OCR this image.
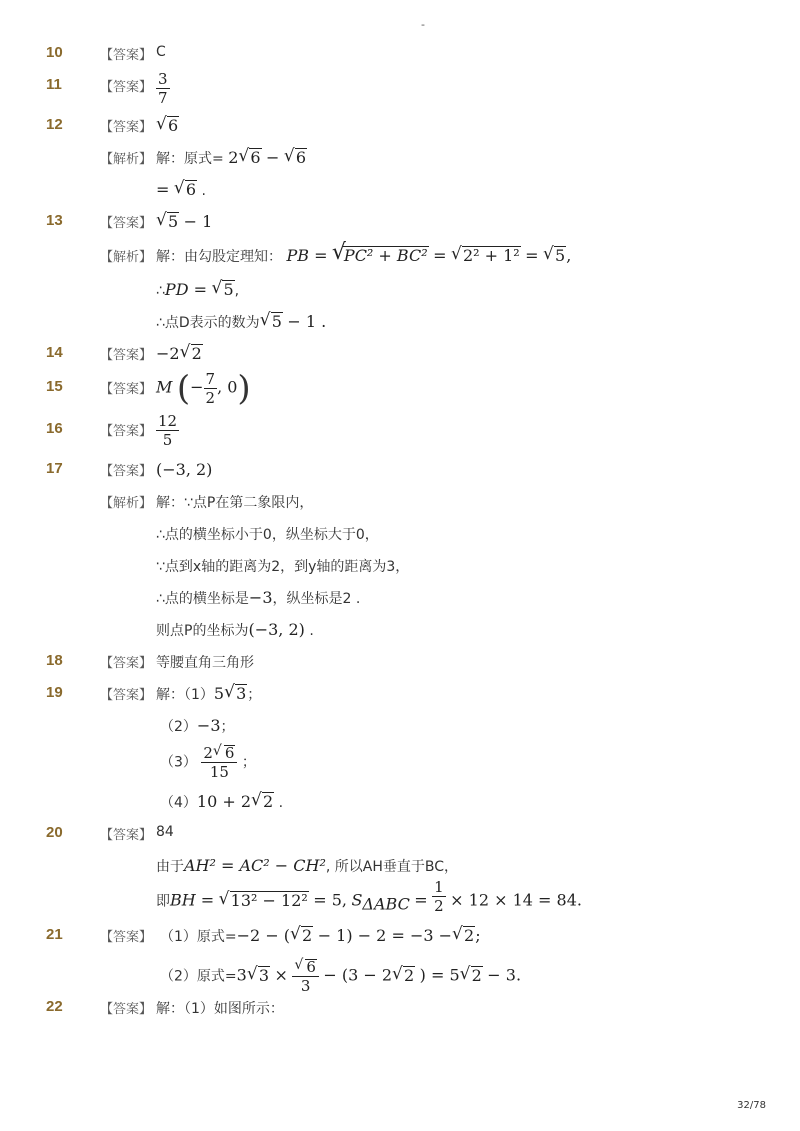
-
10	【答案】 C
11	【答案】 $\frac{3}{7}$
12	【答案】 √ 6
【解析】 解：原式= 2 √ 6 − √ 6
= √ 6 .
13	【答案】 √ 5 − 1
【解析】 解：由勾股定理知： PB = √
PC² + BC² = √ 2² + 1² = √ 5,
∴PD = √ 5,
∴点D表示的数为 √ 5 − 1 .
14	【答案】 −2 √ 2
15	【答案】 M (− $\frac{7}{2}$ , 0)
16	【答案】 $\frac{12}{5}$
17	【答案】 (−3, 2)
【解析】 解：∵点P在第二象限内，
∴点的横坐标小于0，纵坐标大于0，
∵点到x轴的距离为2，到y轴的距离为3，
∴点的横坐标是−3，纵坐标是2 .
则点P的坐标为(−3, 2) .
18	【答案】 等腰直角三角形
19	【答案】 解：（1）5 √ 3；
（2）−3；
$(3) \frac{2 √ 6}{15}$ ；
（4）10 + 2 √ 2 .
20	【答案】 84
由于AH² = AC² − CH², 所以AH垂直于BC，
即BH = √ 13² − 12² = 5, $S_{\Delta ABC} = \frac{1}{2} \times 12 \times 14 = 84$.
21	【答案】 （1）原式=−2 − ( √ 2 − 1) − 2 = −3 − √ 2;
（2）原式=3 √ $3 \times \frac{√ 6}{3} - (3 - 2$ √ 2 ) = 5 √ 2 − 3.
22	【答案】 解：（1）如图所示：
32/78
